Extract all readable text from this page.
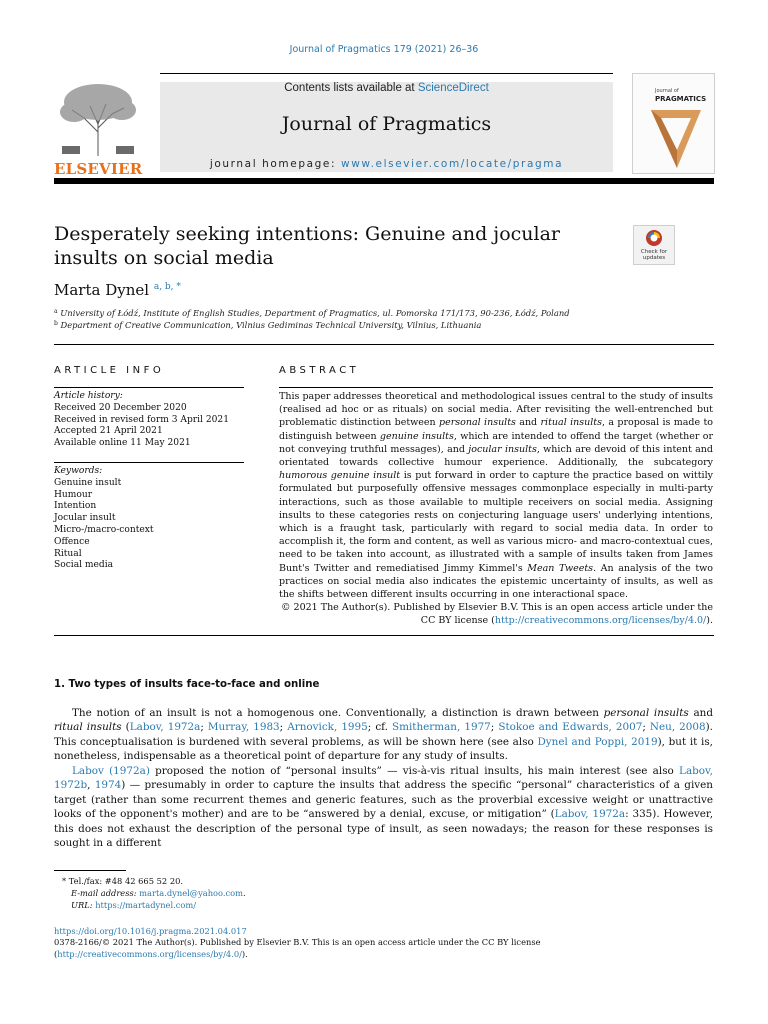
Journal of Pragmatics 179 (2021) 26–36
ELSEVIER
Contents lists available at ScienceDirect
Journal of Pragmatics
journal homepage: www.elsevier.com/locate/pragma
Journal of
PRAGMATICS
Desperately seeking intentions: Genuine and jocular insults on social media	Check for updates
Marta Dynel $^{a, b, *}$
$^a$ University of Łódź, Institute of English Studies, Department of Pragmatics, ul. Pomorska 171/173, 90-236, Łódź, Poland
$^b$ Department of Creative Communication, Vilnius Gediminas Technical University, Vilnius, Lithuania
ARTICLE INFO
Article history:
Received 20 December 2020
Received in revised form 3 April 2021
Accepted 21 April 2021
Available online 11 May 2021
Keywords:
Genuine insult
Humour
Intention
Jocular insult
Micro-/macro-context
Offence
Ritual
Social media
ABSTRACT
This paper addresses theoretical and methodological issues central to the study of insults (realised ad hoc or as rituals) on social media. After revisiting the well-entrenched but problematic distinction between personal insults and ritual insults, a proposal is made to distinguish between genuine insults, which are intended to offend the target (whether or not conveying truthful messages), and jocular insults, which are devoid of this intent and orientated towards collective humour experience. Additionally, the subcategory humorous genuine insult is put forward in order to capture the practice based on wittily formulated but purposefully offensive messages commonplace especially in multi-party interactions, such as those available to multiple receivers on social media. Assigning insults to these categories rests on conjecturing language users' underlying intentions, which is a fraught task, particularly with regard to social media data. In order to accomplish it, the form and content, as well as various micro- and macro-contextual cues, need to be taken into account, as illustrated with a sample of insults taken from James Bunt's Twitter and remediatised Jimmy Kimmel's Mean Tweets. An analysis of the two practices on social media also indicates the epistemic uncertainty of insults, as well as the shifts between different insults occurring in one interactional space.
© 2021 The Author(s). Published by Elsevier B.V. This is an open access article under the CC BY license (http://creativecommons.org/licenses/by/4.0/).
1. Two types of insults face-to-face and online
The notion of an insult is not a homogenous one. Conventionally, a distinction is drawn between personal insults and ritual insults (Labov, 1972a; Murray, 1983; Arnovick, 1995; cf. Smitherman, 1977; Stokoe and Edwards, 2007; Neu, 2008). This conceptualisation is burdened with several problems, as will be shown here (see also Dynel and Poppi, 2019), but it is, nonetheless, indispensable as a theoretical point of departure for any study of insults.
Labov (1972a) proposed the notion of “personal insults” — vis-à-vis ritual insults, his main interest (see also Labov, 1972b, 1974) — presumably in order to capture the insults that address the specific “personal” characteristics of a given target (rather than some recurrent themes and generic features, such as the proverbial excessive weight or unattractive looks of the opponent's mother) and are to be “answered by a denial, excuse, or mitigation” (Labov, 1972a: 335). However, this does not exhaust the description of the personal type of insult, as seen nowadays; the reason for these responses is sought in a different
* Tel./fax: #48 42 665 52 20.
E-mail address: marta.dynel@yahoo.com.
URL: https://martadynel.com/
https://doi.org/10.1016/j.pragma.2021.04.017
0378-2166/© 2021 The Author(s). Published by Elsevier B.V. This is an open access article under the CC BY license (http://creativecommons.org/licenses/by/4.0/).
